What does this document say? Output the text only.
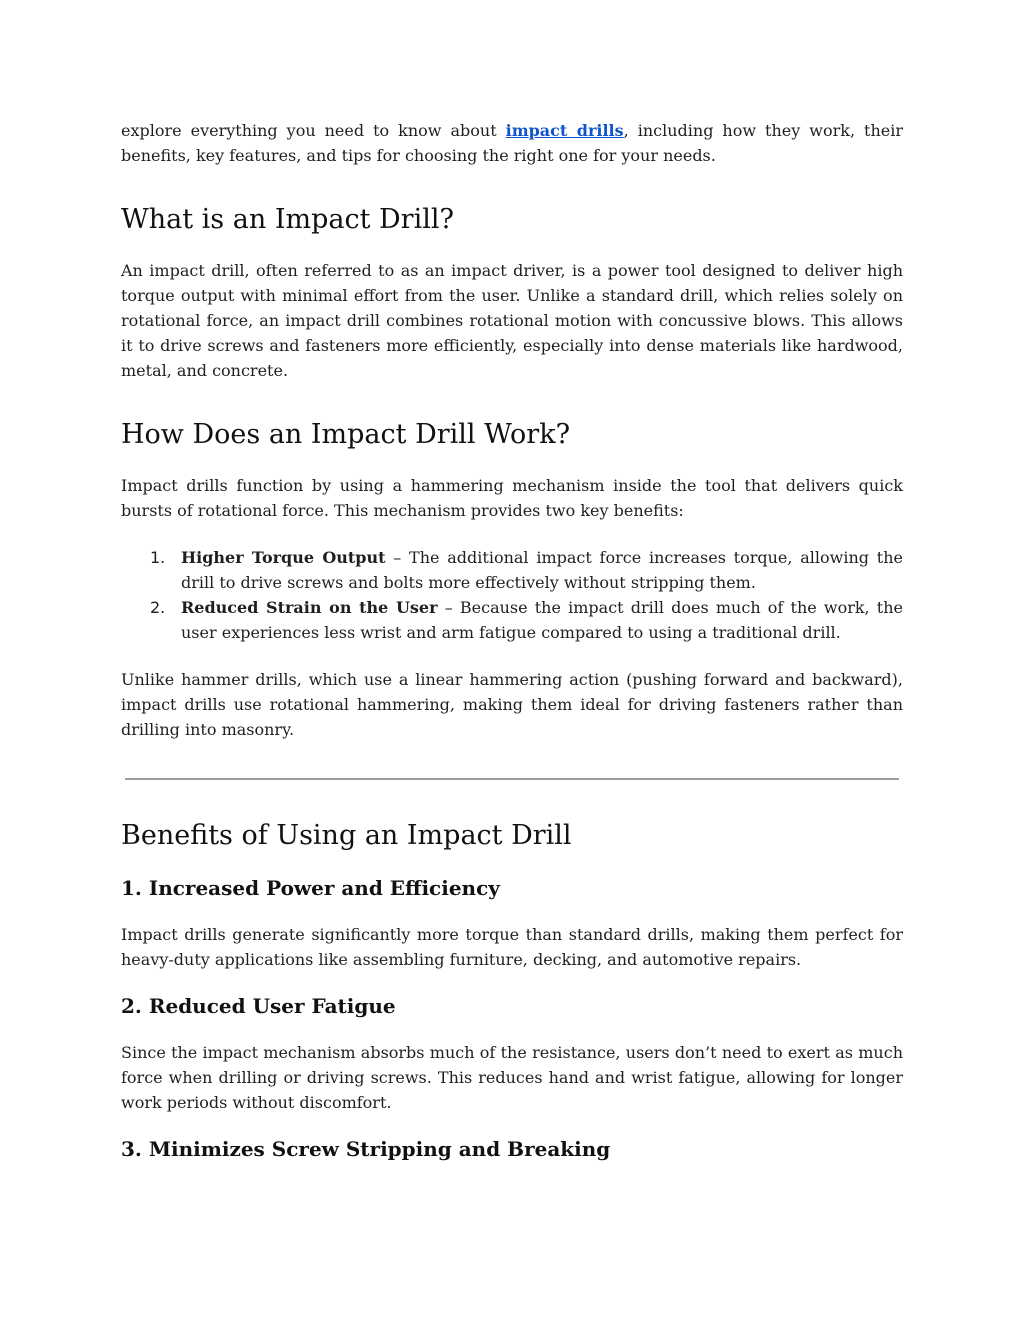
explore everything you need to know about impact drills, including how they work, their benefits, key features, and tips for choosing the right one for your needs.

What is an Impact Drill?

An impact drill, often referred to as an impact driver, is a power tool designed to deliver high torque output with minimal effort from the user. Unlike a standard drill, which relies solely on rotational force, an impact drill combines rotational motion with concussive blows. This allows it to drive screws and fasteners more efficiently, especially into dense materials like hardwood, metal, and concrete.

How Does an Impact Drill Work?

Impact drills function by using a hammering mechanism inside the tool that delivers quick bursts of rotational force. This mechanism provides two key benefits:

1. Higher Torque Output – The additional impact force increases torque, allowing the drill to drive screws and bolts more effectively without stripping them.
2. Reduced Strain on the User – Because the impact drill does much of the work, the user experiences less wrist and arm fatigue compared to using a traditional drill.

Unlike hammer drills, which use a linear hammering action (pushing forward and backward), impact drills use rotational hammering, making them ideal for driving fasteners rather than drilling into masonry.

Benefits of Using an Impact Drill
1. Increased Power and Efficiency

Impact drills generate significantly more torque than standard drills, making them perfect for heavy-duty applications like assembling furniture, decking, and automotive repairs.

2. Reduced User Fatigue

Since the impact mechanism absorbs much of the resistance, users don’t need to exert as much force when drilling or driving screws. This reduces hand and wrist fatigue, allowing for longer work periods without discomfort.

3. Minimizes Screw Stripping and Breaking
